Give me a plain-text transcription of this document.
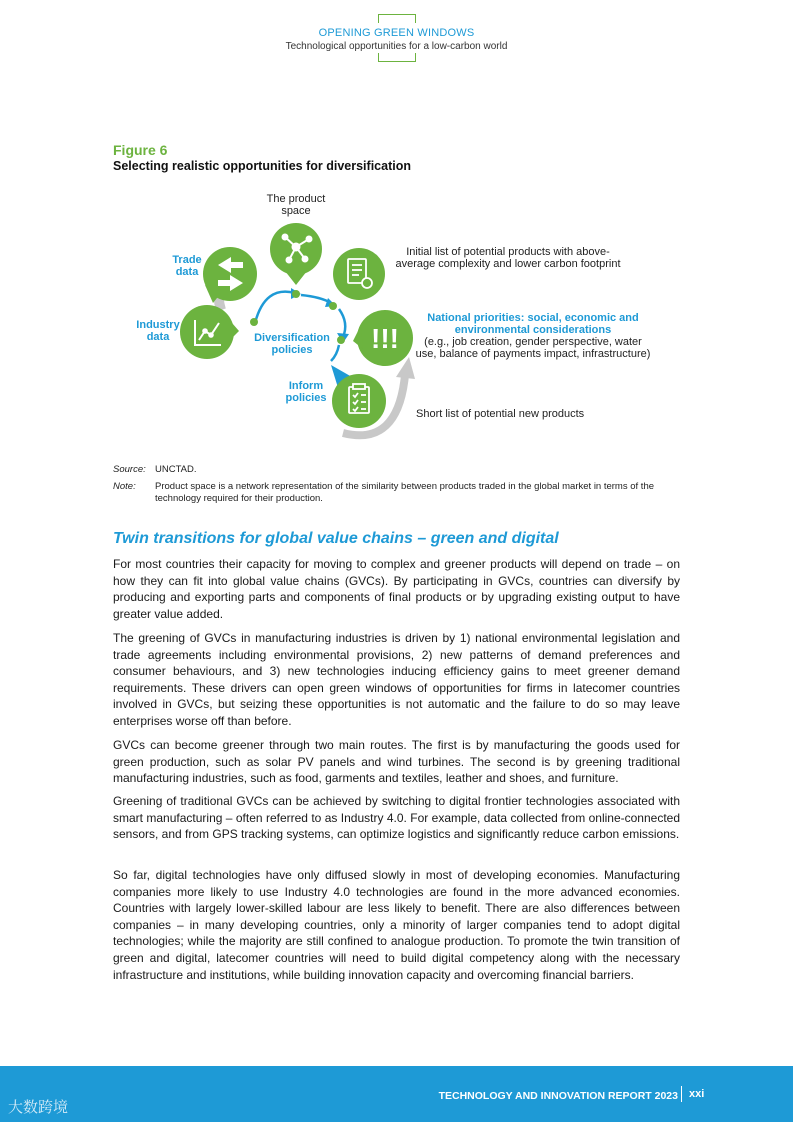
OPENING GREEN WINDOWS
Technological opportunities for a low-carbon world
Figure 6
Selecting realistic opportunities for diversification
!!!
The product space
Trade data
Industry data	Diversification policies
Inform policies
Initial list of potential products with above-average complexity and lower carbon footprint
National priorities: social, economic and environmental considerations
(e.g., job creation, gender perspective, water use, balance of payments impact, infrastructure)
Short list of potential new products
Source: UNCTAD.
Note: Product space is a network representation of the similarity between products traded in the global market in terms of the technology required for their production.
Twin transitions for global value chains – green and digital

For most countries their capacity for moving to complex and greener products will depend on trade – on how they can fit into global value chains (GVCs). By participating in GVCs, countries can diversify by producing and exporting parts and components of final products or by upgrading existing output to have greater value added.

The greening of GVCs in manufacturing industries is driven by 1) national environmental legislation and trade agreements including environmental provisions, 2) new patterns of demand preferences and consumer behaviours, and 3) new technologies inducing efficiency gains to meet greener demand requirements. These drivers can open green windows of opportunities for firms in latecomer countries involved in GVCs, but seizing these opportunities is not automatic and the failure to do so may leave enterprises worse off than before.

GVCs can become greener through two main routes. The first is by manufacturing the goods used for green production, such as solar PV panels and wind turbines. The second is by greening traditional manufacturing industries, such as food, garments and textiles, leather and shoes, and furniture.

Greening of traditional GVCs can be achieved by switching to digital frontier technologies associated with smart manufacturing – often referred to as Industry 4.0. For example, data collected from online-connected sensors, and from GPS tracking systems, can optimize logistics and significantly reduce carbon emissions.

So far, digital technologies have only diffused slowly in most of developing economies. Manufacturing companies more likely to use Industry 4.0 technologies are found in the more advanced economies. Countries with largely lower-skilled labour are less likely to benefit. There are also differences between companies – in many developing countries, only a minority of larger companies tend to adopt digital technologies; while the majority are still confined to analogue production. To promote the twin transition of green and digital, latecomer countries will need to build digital competency along with the necessary infrastructure and institutions, while building innovation capacity and overcoming financial barriers.

大数跨境
TECHNOLOGY AND INNOVATION REPORT 2023 xxi
